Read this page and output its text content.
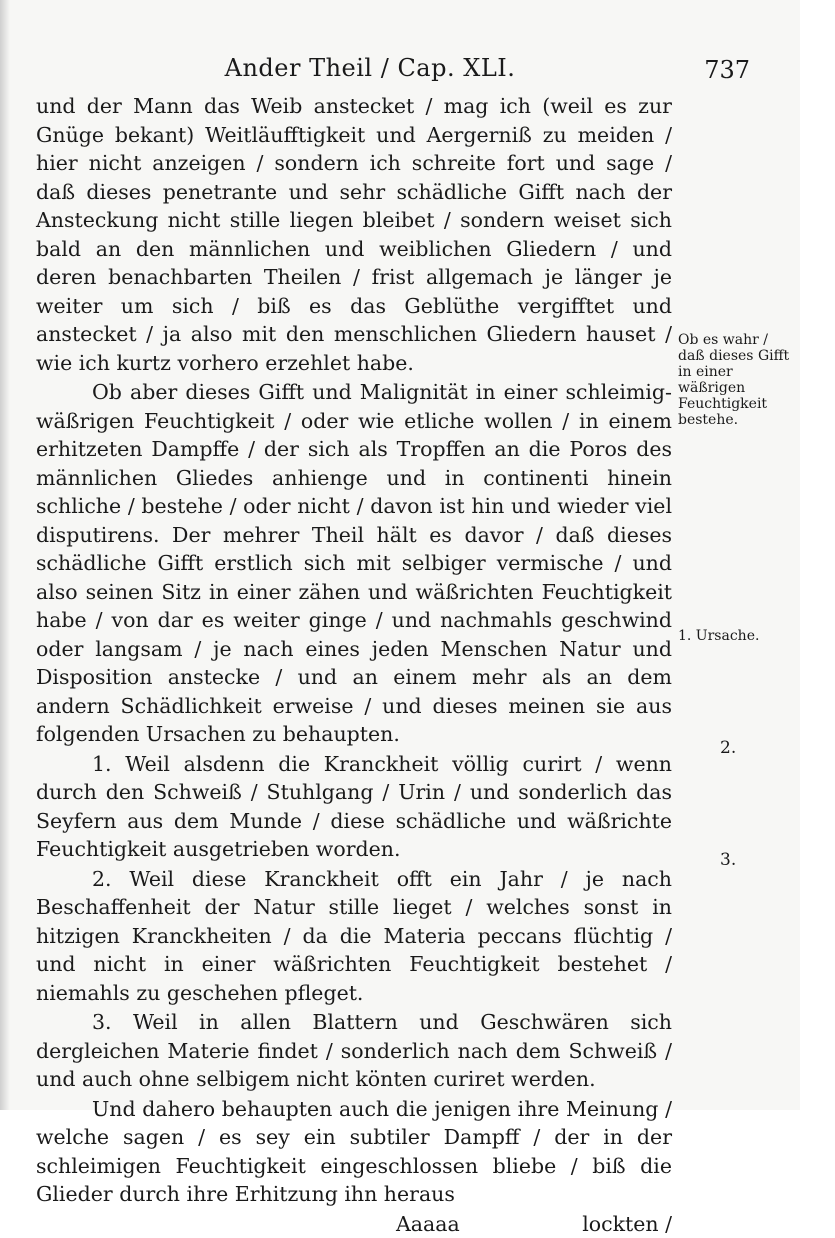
Ander Theil / Cap. XLI.	737

und der Mann das Weib anstecket / mag ich (weil es zur Gnüge bekant) Weitläufftigkeit und Aergerniß zu meiden / hier nicht anzeigen / sondern ich schreite fort und sage / daß dieses penetrante und sehr schädliche Gifft nach der Ansteckung nicht stille liegen bleibet / sondern weiset sich bald an den männlichen und weiblichen Gliedern / und deren benachbarten Theilen / frist allgemach je länger je weiter um sich / biß es das Geblüthe vergifftet und anstecket / ja also mit den menschlichen Gliedern hauset / wie ich kurtz vorhero erzehlet habe.

Ob aber dieses Gifft und Malignität in einer schleimig-wäßrigen Feuchtigkeit / oder wie etliche wollen / in einem erhitzeten Dampffe / der sich als Tropffen an die Poros des männlichen Gliedes anhienge und in continenti hinein schliche / bestehe / oder nicht / davon ist hin und wieder viel disputirens. Der mehrer Theil hält es davor / daß dieses schädliche Gifft erstlich sich mit selbiger vermische / und also seinen Sitz in einer zähen und wäßrichten Feuchtigkeit habe / von dar es weiter ginge / und nachmahls geschwind oder langsam / je nach eines jeden Menschen Natur und Disposition anstecke / und an einem mehr als an dem andern Schädlichkeit erweise / und dieses meinen sie aus folgenden Ursachen zu behaupten.

1. Weil alsdenn die Kranckheit völlig curirt / wenn durch den Schweiß / Stuhlgang / Urin / und sonderlich das Seyfern aus dem Munde / diese schädliche und wäßrichte Feuchtigkeit ausgetrieben worden.

2. Weil diese Kranckheit offt ein Jahr / je nach Beschaffenheit der Natur stille lieget / welches sonst in hitzigen Kranckheiten / da die Materia peccans flüchtig / und nicht in einer wäßrichten Feuchtigkeit bestehet / niemahls zu geschehen pfleget.

3. Weil in allen Blattern und Geschwären sich dergleichen Materie findet / sonderlich nach dem Schweiß / und auch ohne selbigem nicht könten curiret werden.

Und dahero behaupten auch die jenigen ihre Meinung / welche sagen / es sey ein subtiler Dampff / der in der schleimigen Feuchtigkeit eingeschlossen bliebe / biß die Glieder durch ihre Erhitzung ihn heraus

Aaaaa	lockten /
Ob es wahr / daß dieses Gifft in einer wäßrigen Feuchtigkeit bestehe.
1. Ursache.
2.
3.
